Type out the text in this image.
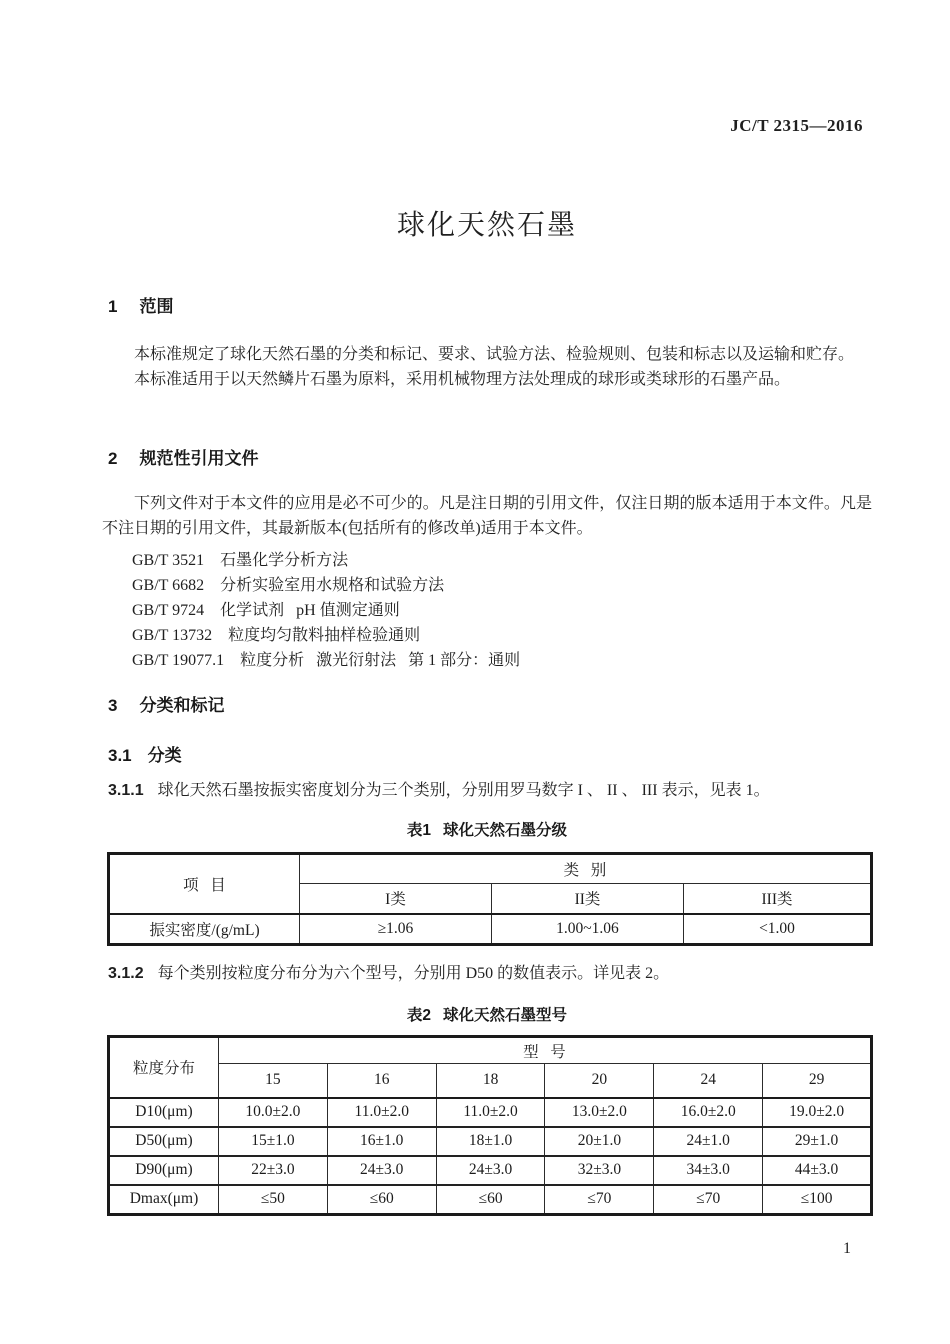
JC/T 2315—2016
球化天然石墨
1 范围

本标准规定了球化天然石墨的分类和标记、要求、试验方法、检验规则、包装和标志以及运输和贮存。

本标准适用于以天然鳞片石墨为原料，采用机械物理方法处理成的球形或类球形的石墨产品。

2 规范性引用文件

下列文件对于本文件的应用是必不可少的。凡是注日期的引用文件，仅注日期的版本适用于本文件。凡是不注日期的引用文件，其最新版本(包括所有的修改单)适用于本文件。

GB/T 3521 石墨化学分析方法
GB/T 6682 分析实验室用水规格和试验方法
GB/T 9724 化学试剂   pH 值测定通则
GB/T 13732 粒度均匀散料抽样检验通则
GB/T 19077.1 粒度分析   激光衍射法   第 1 部分：通则
3 分类和标记
3.1 分类
3.1.1 球化天然石墨按振实密度划分为三个类别，分别用罗马数字 I 、 II 、 III 表示，见表 1。
表1 球化天然石墨分级
项   目	类   别		
	I类	II类	III类
振实密度/(g/mL)	≥1.06	1.00~1.06	<1.00
3.1.2 每个类别按粒度分布分为六个型号，分别用 D50 的数值表示。详见表 2。
表2 球化天然石墨型号
粒度分布	型   号					
	15	16	18	20	24	29
D10(μm)	10.0±2.0	11.0±2.0	11.0±2.0	13.0±2.0	16.0±2.0	19.0±2.0
D50(μm)	15±1.0	16±1.0	18±1.0	20±1.0	24±1.0	29±1.0
D90(μm)	22±3.0	24±3.0	24±3.0	32±3.0	34±3.0	44±3.0
Dmax(μm)	≤50	≤60	≤60	≤70	≤70	≤100
1
